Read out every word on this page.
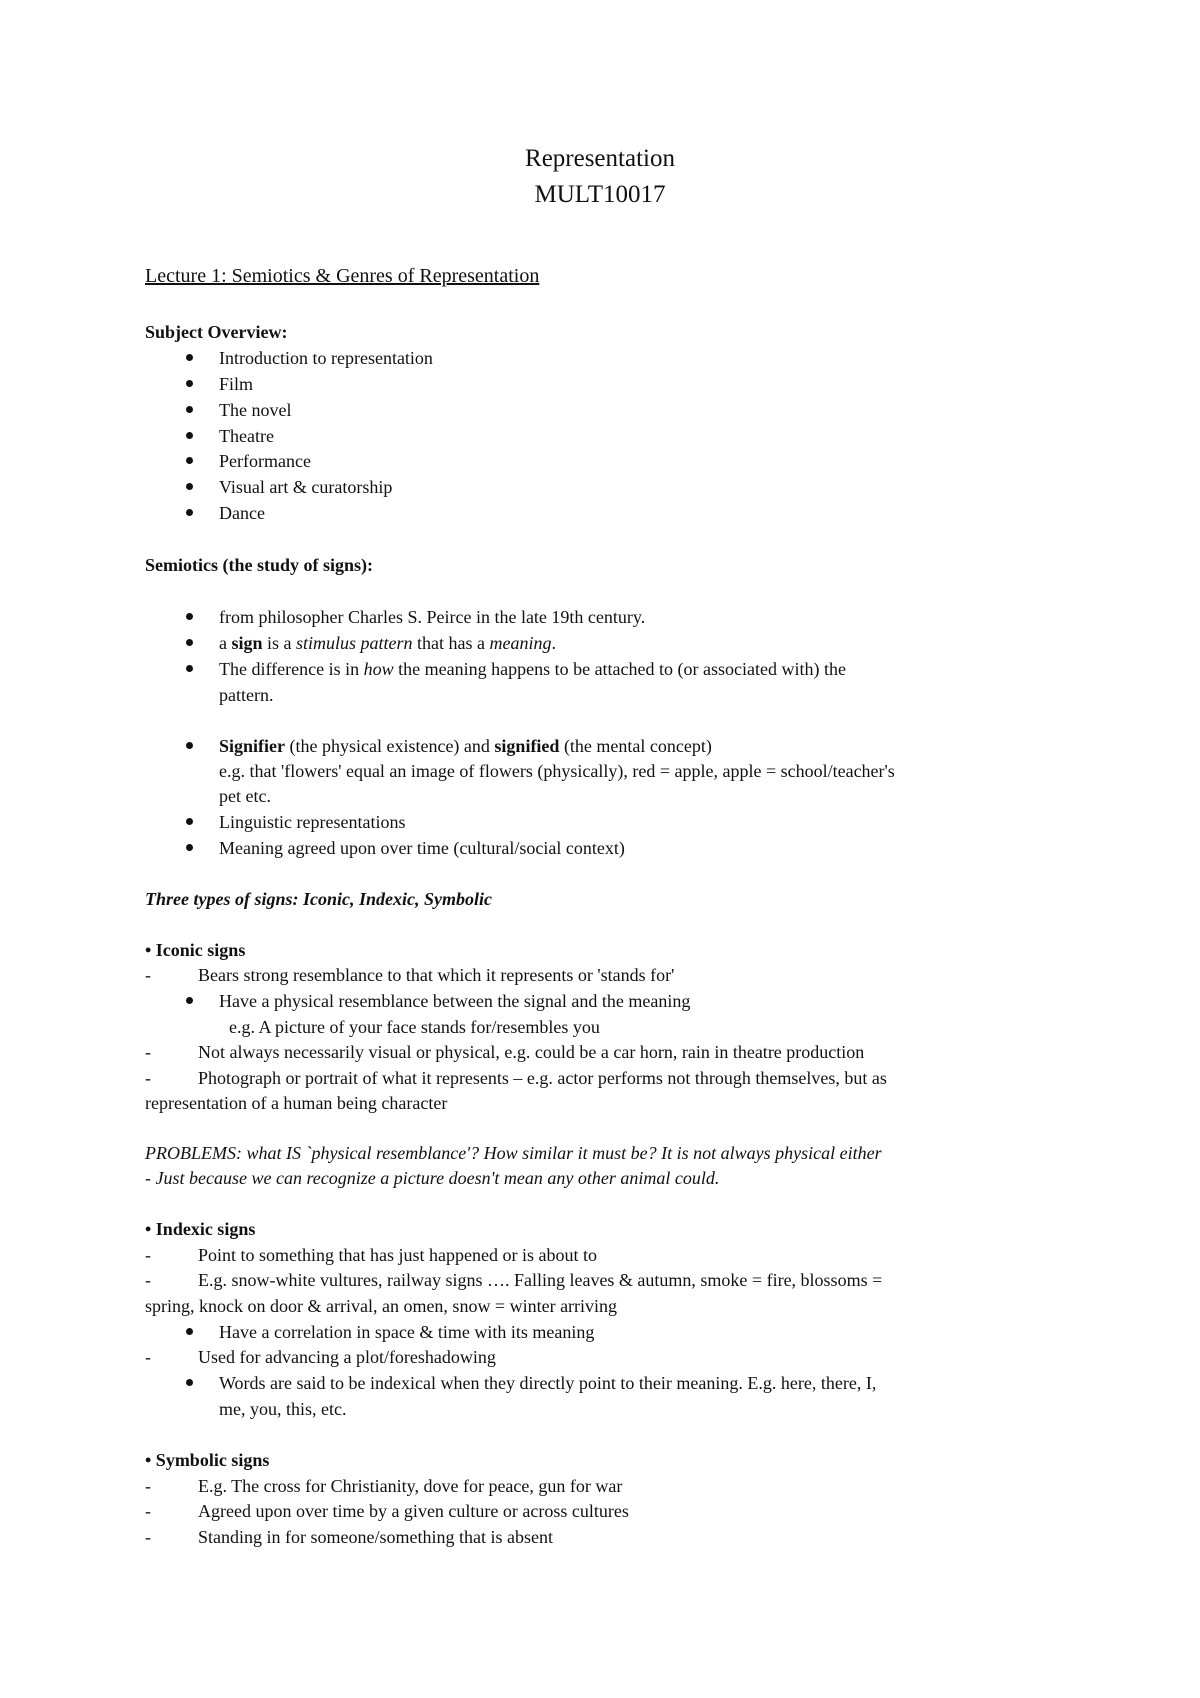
Representation
MULT10017
Lecture 1: Semiotics & Genres of Representation
Subject Overview:
Introduction to representation
Film
The novel
Theatre
Performance
Visual art & curatorship
Dance
Semiotics (the study of signs):
from philosopher Charles S. Peirce in the late 19th century.
a sign is a stimulus pattern that has a meaning.
The difference is in how the meaning happens to be attached to (or associated with) the
pattern.
Signifier (the physical existence) and signified (the mental concept)
e.g. that 'flowers' equal an image of flowers (physically), red = apple, apple = school/teacher's
pet etc.
Linguistic representations
Meaning agreed upon over time (cultural/social context)
Three types of signs: Iconic, Indexic, Symbolic
• Iconic signs
-	Bears strong resemblance to that which it represents or 'stands for'
Have a physical resemblance between the signal and the meaning
e.g. A picture of your face stands for/resembles you
-	Not always necessarily visual or physical, e.g. could be a car horn, rain in theatre production
-	Photograph or portrait of what it represents – e.g. actor performs not through themselves, but as
representation of a human being character
PROBLEMS: what IS `physical resemblance'? How similar it must be? It is not always physical either
- Just because we can recognize a picture doesn't mean any other animal could.
• Indexic signs
-	Point to something that has just happened or is about to
-	E.g. snow-white vultures, railway signs …. Falling leaves & autumn, smoke = fire, blossoms =
spring, knock on door & arrival, an omen, snow = winter arriving
Have a correlation in space & time with its meaning
-	Used for advancing a plot/foreshadowing
Words are said to be indexical when they directly point to their meaning. E.g. here, there, I,
me, you, this, etc.
• Symbolic signs
-	E.g. The cross for Christianity, dove for peace, gun for war
-	Agreed upon over time by a given culture or across cultures
-	Standing in for someone/something that is absent
